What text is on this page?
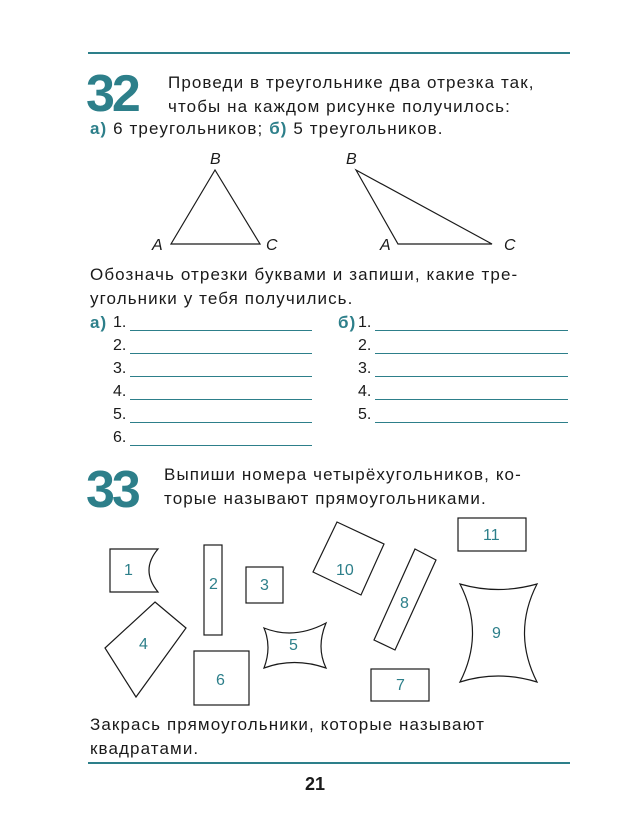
32 Проведи в треугольнике два отрезка так,
чтобы на каждом рисунке получилось:
а) 6 треугольников; б) 5 треугольников.
B
A	C
B
A	C
Обозначь отрезки буквами и запиши, какие тре-
угольники у тебя получились.
а) 1.
2.
3.
4.
5.
6.
б) 1.
2.
3.
4.
5.
33 Выпиши номера четырёхугольников, ко-
торые называют прямоугольниками.
1
2	3
4	5
6	7
8
9
10
11
Закрась прямоугольники, которые называют
квадратами.
21
